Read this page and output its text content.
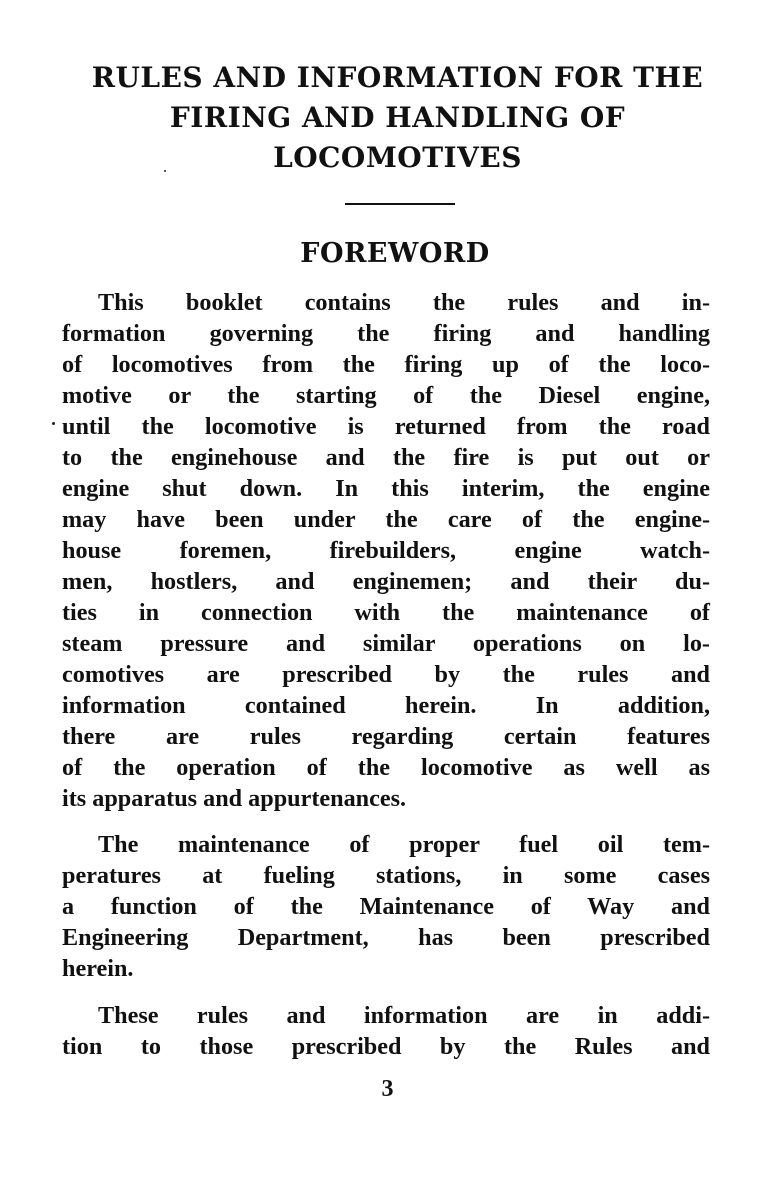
RULES AND INFORMATION FOR THE
FIRING AND HANDLING OF
LOCOMOTIVES
FOREWORD
This booklet contains the rules and in-
formation governing the firing and handling
of locomotives from the firing up of the loco-
motive or the starting of the Diesel engine,
until the locomotive is returned from the road
to the enginehouse and the fire is put out or
engine shut down. In this interim, the engine
may have been under the care of the engine-
house foremen, firebuilders, engine watch-
men, hostlers, and enginemen; and their du-
ties in connection with the maintenance of
steam pressure and similar operations on lo-
comotives are prescribed by the rules and
information contained herein. In addition,
there are rules regarding certain features
of the operation of the locomotive as well as
its apparatus and appurtenances.
The maintenance of proper fuel oil tem-
peratures at fueling stations, in some cases
a function of the Maintenance of Way and
Engineering Department, has been prescribed
herein.
These rules and information are in addi-
tion to those prescribed by the Rules and
3
